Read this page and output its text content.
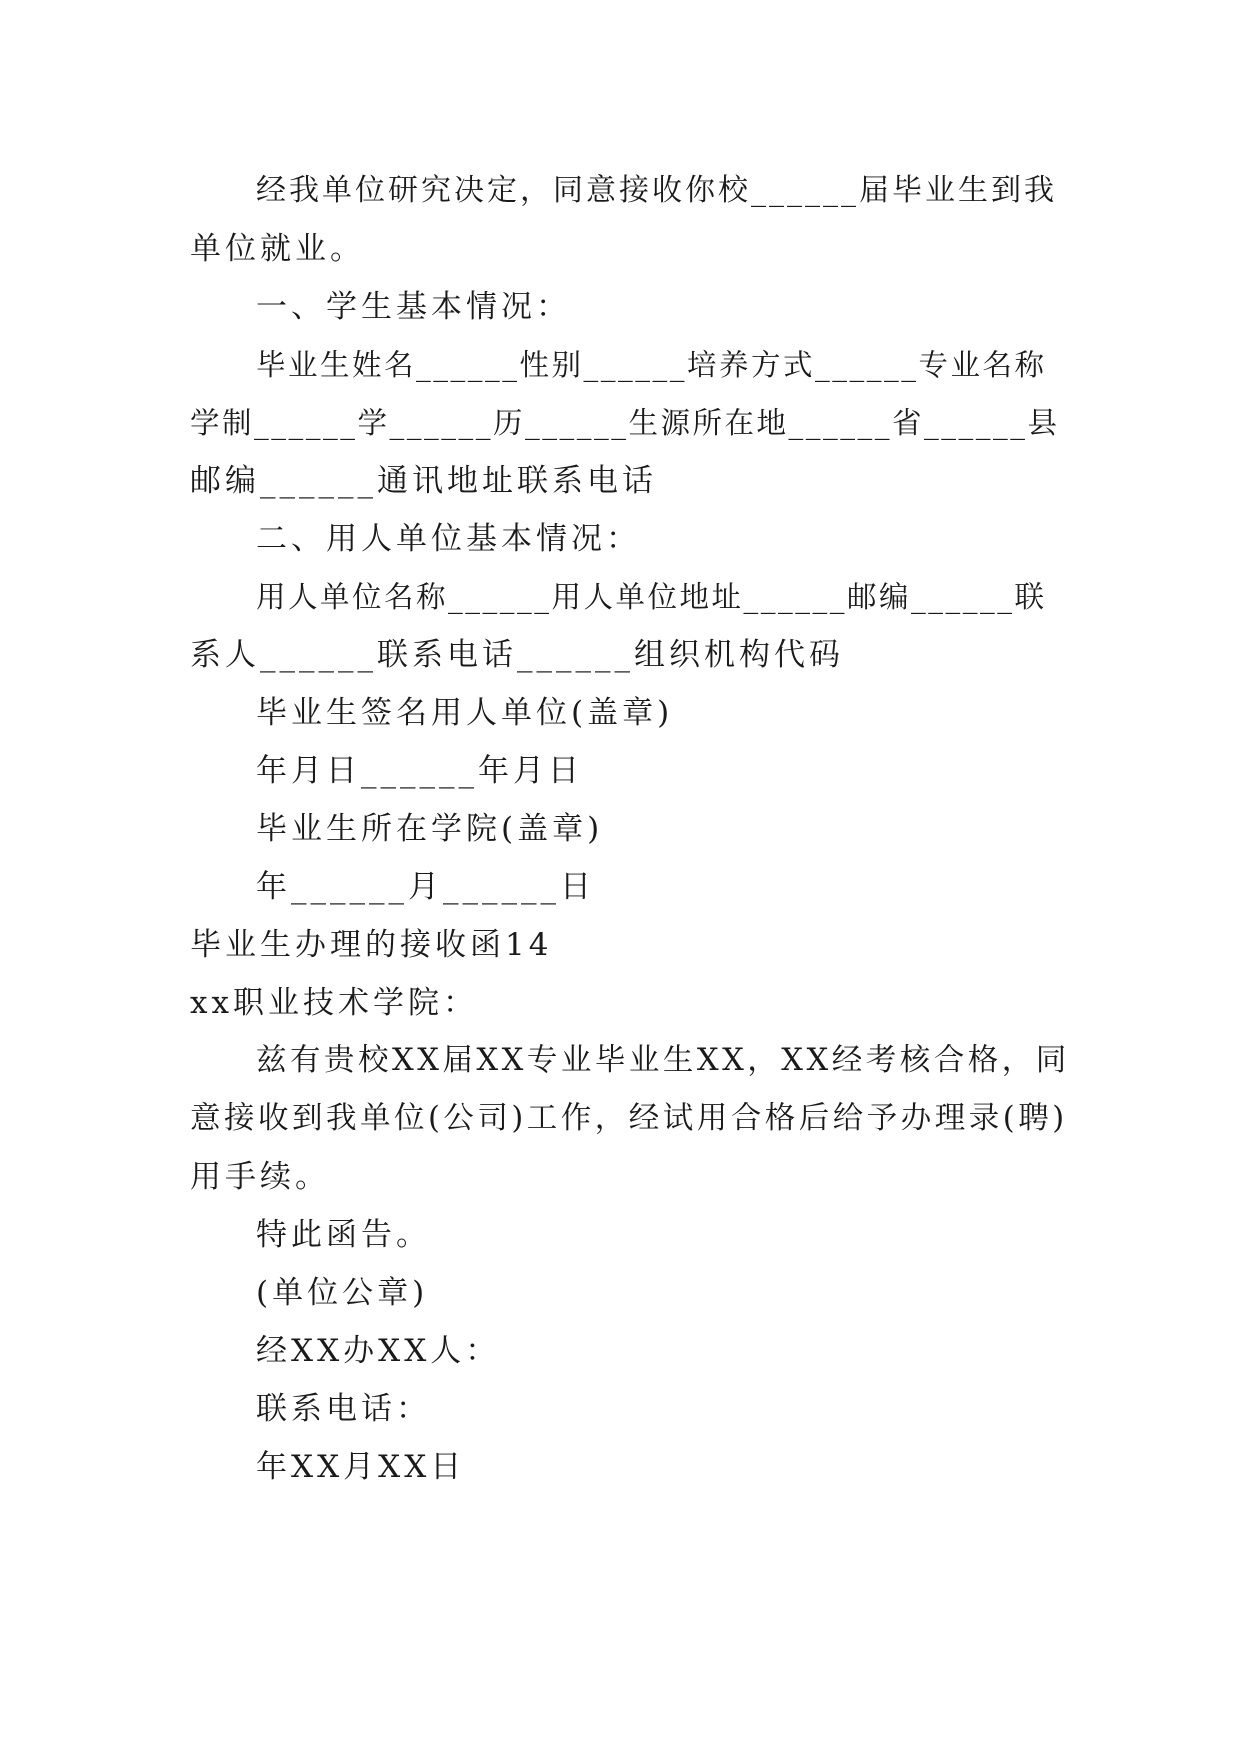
经我单位研究决定，同意接收你校______届毕业生到我
单位就业。
一、学生基本情况：
毕业生姓名______性别______培养方式______专业名称
学制______学______历______生源所在地______省______县
邮编______通讯地址联系电话
二、用人单位基本情况：
用人单位名称______用人单位地址______邮编______联
系人______联系电话______组织机构代码
毕业生签名用人单位(盖章)
年月日______年月日
毕业生所在学院(盖章)
年______月______日
毕业生办理的接收函14
xx职业技术学院：
兹有贵校XX届XX专业毕业生XX，XX经考核合格，同
意接收到我单位(公司)工作，经试用合格后给予办理录(聘)
用手续。
特此函告。
(单位公章)
经XX办XX人：
联系电话：
年XX月XX日
